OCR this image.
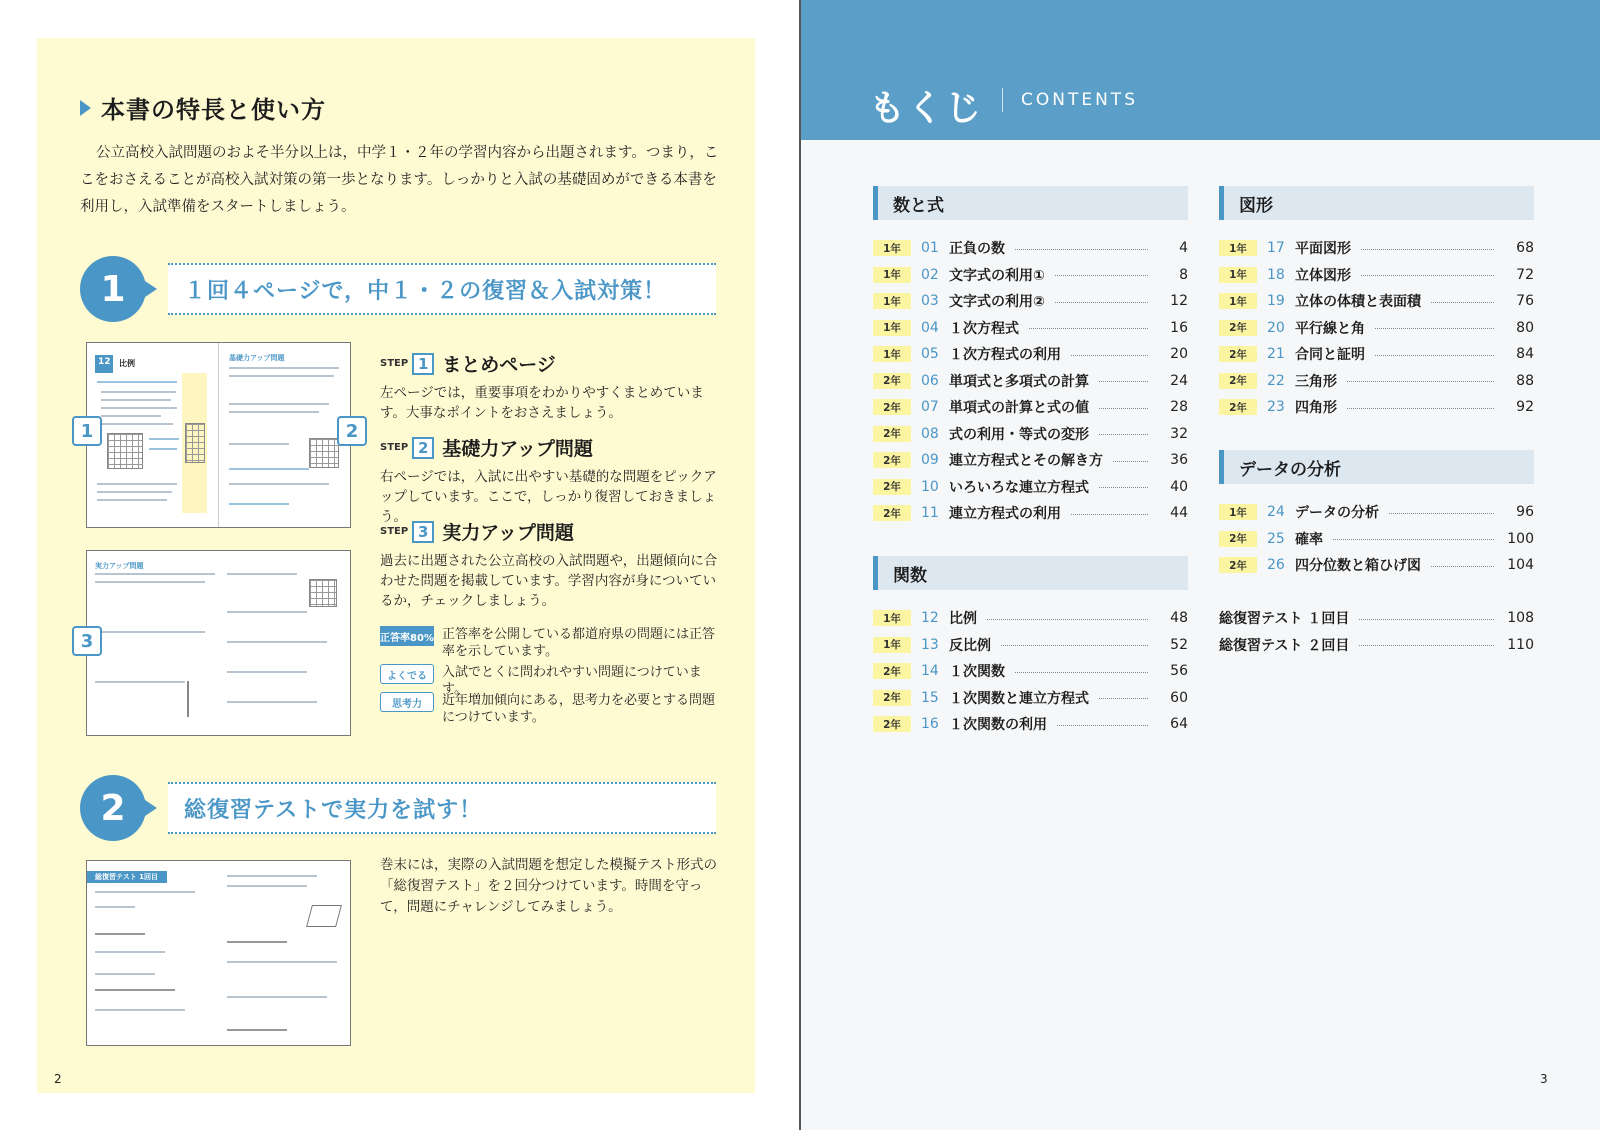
本書の特長と使い方

公立高校入試問題のおよそ半分以上は，中学１・２年の学習内容から出題されます。つまり，ここをおさえることが高校入試対策の第一歩となります。しっかりと入試の基礎固めができる本書を利用し，入試準備をスタートしましょう。

1	１回４ページで，中１・２の復習＆入試対策！
12 比例
基礎力アップ問題
1	2
実力アップ問題
3
STEP 1 まとめページ

左ページでは，重要事項をわかりやすくまとめています。大事なポイントをおさえましょう。

STEP 2 基礎力アップ問題

右ページでは，入試に出やすい基礎的な問題をピックアップしています。ここで，しっかり復習しておきましょう。

STEP 3 実力アップ問題

過去に出題された公立高校の入試問題や，出題傾向に合わせた問題を掲載しています。学習内容が身についているか，チェックしましょう。

正答率80% 正答率を公開している都道府県の問題には正答率を示しています。
よくでる	入試でとくに問われやすい問題につけています。
思考力	近年増加傾向にある，思考力を必要とする問題につけています。
2	総復習テストで実力を試す！
総復習テスト 1回目

巻末には，実際の入試問題を想定した模擬テスト形式の「総復習テスト」を２回分つけています。時間を守って，問題にチャレンジしてみましょう。

2
もくじ CONTENTS
数と式
関数
図形
データの分析
1年	01 正負の数	4
1年	02 文字式の利用①	8
1年	03 文字式の利用②	12
1年	04 １次方程式	16
1年	05 １次方程式の利用	20
2年	06 単項式と多項式の計算	24
2年	07 単項式の計算と式の値	28
2年	08 式の利用・等式の変形	32
2年	09 連立方程式とその解き方	36
2年	10 いろいろな連立方程式	40
2年	11 連立方程式の利用	44
1年	12 比例	48
1年	13 反比例	52
2年	14 １次関数	56
2年	15 １次関数と連立方程式	60
2年	16 １次関数の利用	64
1年	17 平面図形	68
1年	18 立体図形	72
1年	19 立体の体積と表面積	76
2年	20 平行線と角	80
2年	21 合同と証明	84
2年	22 三角形	88
2年	23 四角形	92
1年	24 データの分析	96
2年	25 確率	100
2年	26 四分位数と箱ひげ図	104
総復習テスト １回目	108
総復習テスト ２回目	110
3
